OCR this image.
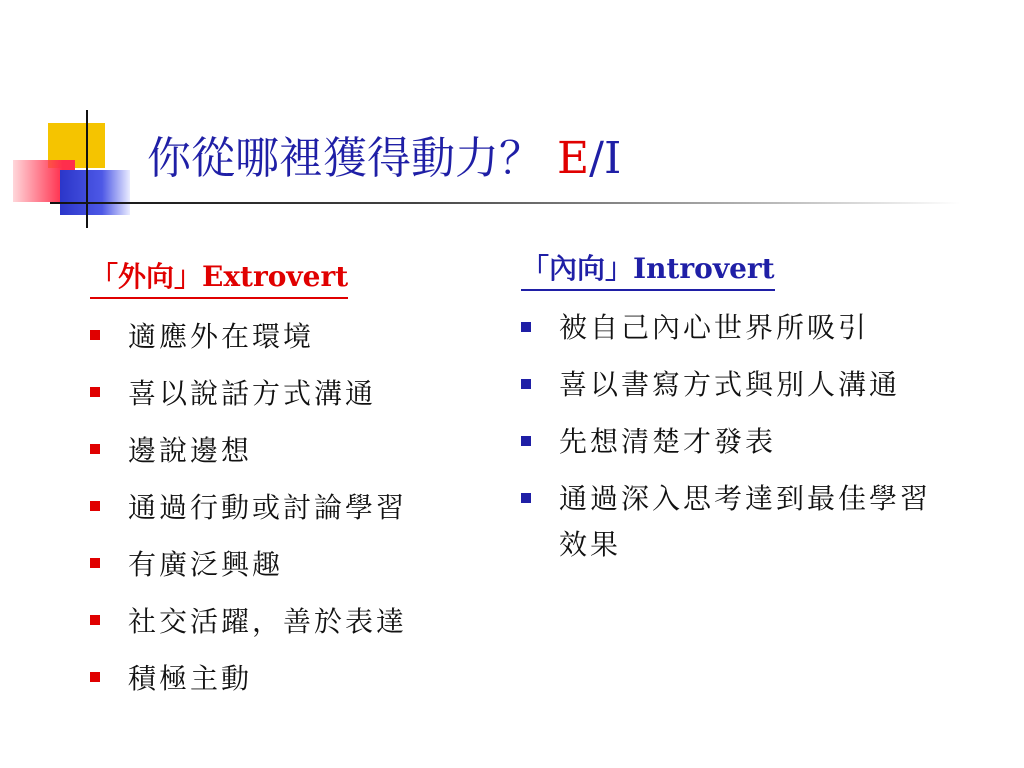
你從哪裡獲得動力？ E/I
「外向」Extrovert
適應外在環境
喜以說話方式溝通
邊說邊想
通過行動或討論學習
有廣泛興趣
社交活躍，善於表達
積極主動
「內向」Introvert
被自己內心世界所吸引
喜以書寫方式與別人溝通
先想清楚才發表
通過深入思考達到最佳學習效果
